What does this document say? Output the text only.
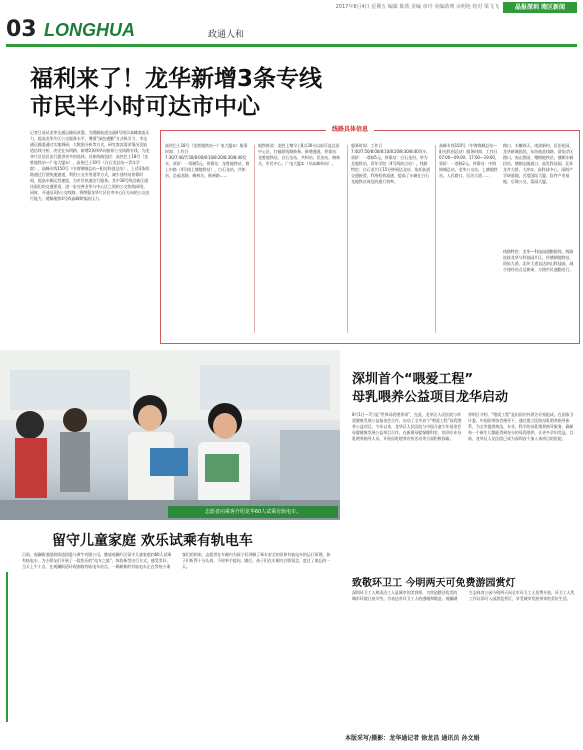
2017年8月4日 星期五 编辑 陈欣 美编 章玲 美编助理 余明艳 校对 梁飞飞	晶报深圳 湾区新闻
03 LONGHUA	政通人和
福利来了！龙华新增3条专线
市民半小时可达市中心
记者日前从龙华交通运输局获悉，为缓解轨道交通4号线早高峰客流压力，提高龙华片区公交服务水平，增强“绿色通勤”方式吸引力，市交通运输委通过实地调研、大数据分析等方式，研究客流需求情况及轨道沿线分析，决定在东明路、新增2条和华向接原公交线路专线，为龙华片区居民出行提供更多的选择。具体线路包括：高快巴士18号（龙胜地铁站—广电大厦①）、高快巴士19号（白石龙总站—青年学院）、高峰专线150号（中海锦城总站—阳光科创总站）。上述3条线路通过行驶快速通道，利用公交专用道等方式，减少途经站停靠时间，提高车辆运营速度，为市民快速出行服务。其中18号线沿新区通往福田的交通要道，进一步完善龙华与中心区之间的公交快线网络。同时，开通这3条公交线路，将增强龙华片区往市中心区方向的公交出行能力，缓解地铁4号线高峰期客流压力。
高快巴士18号（龙胜地铁站—广电大厦①）服务时间：工作日7:30/7:40/7:50/8:00/8:10/8:20/8:30/8:40发车，票价：一票制5元。停靠站：龙胜地铁站、简上中路（4号线上塘地铁站）、白石龙站、共和站、沿福龙路、梅林关、新洲路……
地铁接驳：龙胜上塘早上8点30分以前可直达田中心区，打破原线路换乘、新增通道。停靠站：龙胜地铁站、白石龙站、共和站、民治站、梅林关、市民中心、广电大厦①（早高峰单向）。
服务时间：工作日7:40/7:50/8:00/8:10/8:20/8:30/8:40发车，票价：一票制5元。停靠站：白石龙村、华为北地铁站、青年学院（4号线终点站）。线路特色：白石龙片区15分钟到达北站，依托轨道交通接驳，利用机荷高速，提高了车辆在白石龙地铁站周边的通行效率。
高峰专线150号（中海锦城总站—阳光科创总站）服务时间：工作日07:00—09:00；17:00—19:00，票价：一票制2元。停靠站：中海锦城总站、龙华公交站、上塘地铁站、人民路口、民治大道……
路口、水榭春天、南油新村、民治花园、龙华新城医院、东纺彼此线路，留仙学区路口、南山智园、塘朗地铁站、塘朗车辆段站、塘朗山隧道口、高发科技园、北环龙井大桥、大冲①、高科技中心、深圳产学研基地、百度国际大厦、软件产业基地、后海公交、荔园大厦。
线路特色：龙华—科技园通勤班线，线路连接龙华与科技园片区，经塘朗地铁站、留仙大道、北环大道直达南山科技园，减少途经站点及换乘，方便市民通勤出行。
线路具体信息
志愿者向乘客介绍龙华60人试乘有轨电车。
深圳首个“喂爱工程”
母乳喂养公益项目龙华启动
8月1日—7日是“世界母乳喂养周”，在此，龙华区人民医院与华爱健康发展公益基金会合作，启动了全市首个“喂爱工程”母乳喂养公益项目。今年以来，龙华区人民医院与中国儿童少年基金会母婴健康发展公益项目合作，在新建母婴保健科室、培训专业母乳喂养指导人员、开展母乳喂养宣传活动等方面积极探索。
余明日介绍，“喂爱工程”是由国内外著名专家组成，在国家卫计委、中国医师协会指导下，通过建立医院母乳喂养指导体系，为全市提供规范、专业、科学的母乳喂养指导服务，确保每一个新生儿都能得到充分的母乳喂养，让更多孕妇受益。目前，龙华区人民医院已成为深圳首个加入该项目的医院。
留守儿童家庭 欢乐试乘有轨电车
日前，观澜街道组织街道团委与黄牛有限公司，邀请观澜片区留守儿童家庭约60人试乘有轨电车，为小朋友们开展了一段快乐的“电车之旅”，体验新型出行方式，感受美好。当天上午十点，在观澜街道环观南路有轨电车站点，一辆崭新的有轨电车正在等待小乘客们的到来。志愿者在车厢内为孩子们讲解了乘车安全知识和有轨电车的运行原理，孩子们听得十分认真，不时举手提问。随后，孩子们在车厢内合影留念，度过了难忘的一天。
致敬环卫工 今明两天可免费游园赏灯
深圳环卫工人和清洁工人是城市的美容师，为营造整洁优美的城市环境日夜辛劳。为表达对环卫工人的感谢和敬意，观澜湖生态体育公园今明两天向全市环卫工人免费开放，环卫工人凭工作证即可入园游览赏灯，享受城市发展带来的美好生活。
本版采写/摄影：龙华通记者 徐龙昌 通讯员 孙文娟
